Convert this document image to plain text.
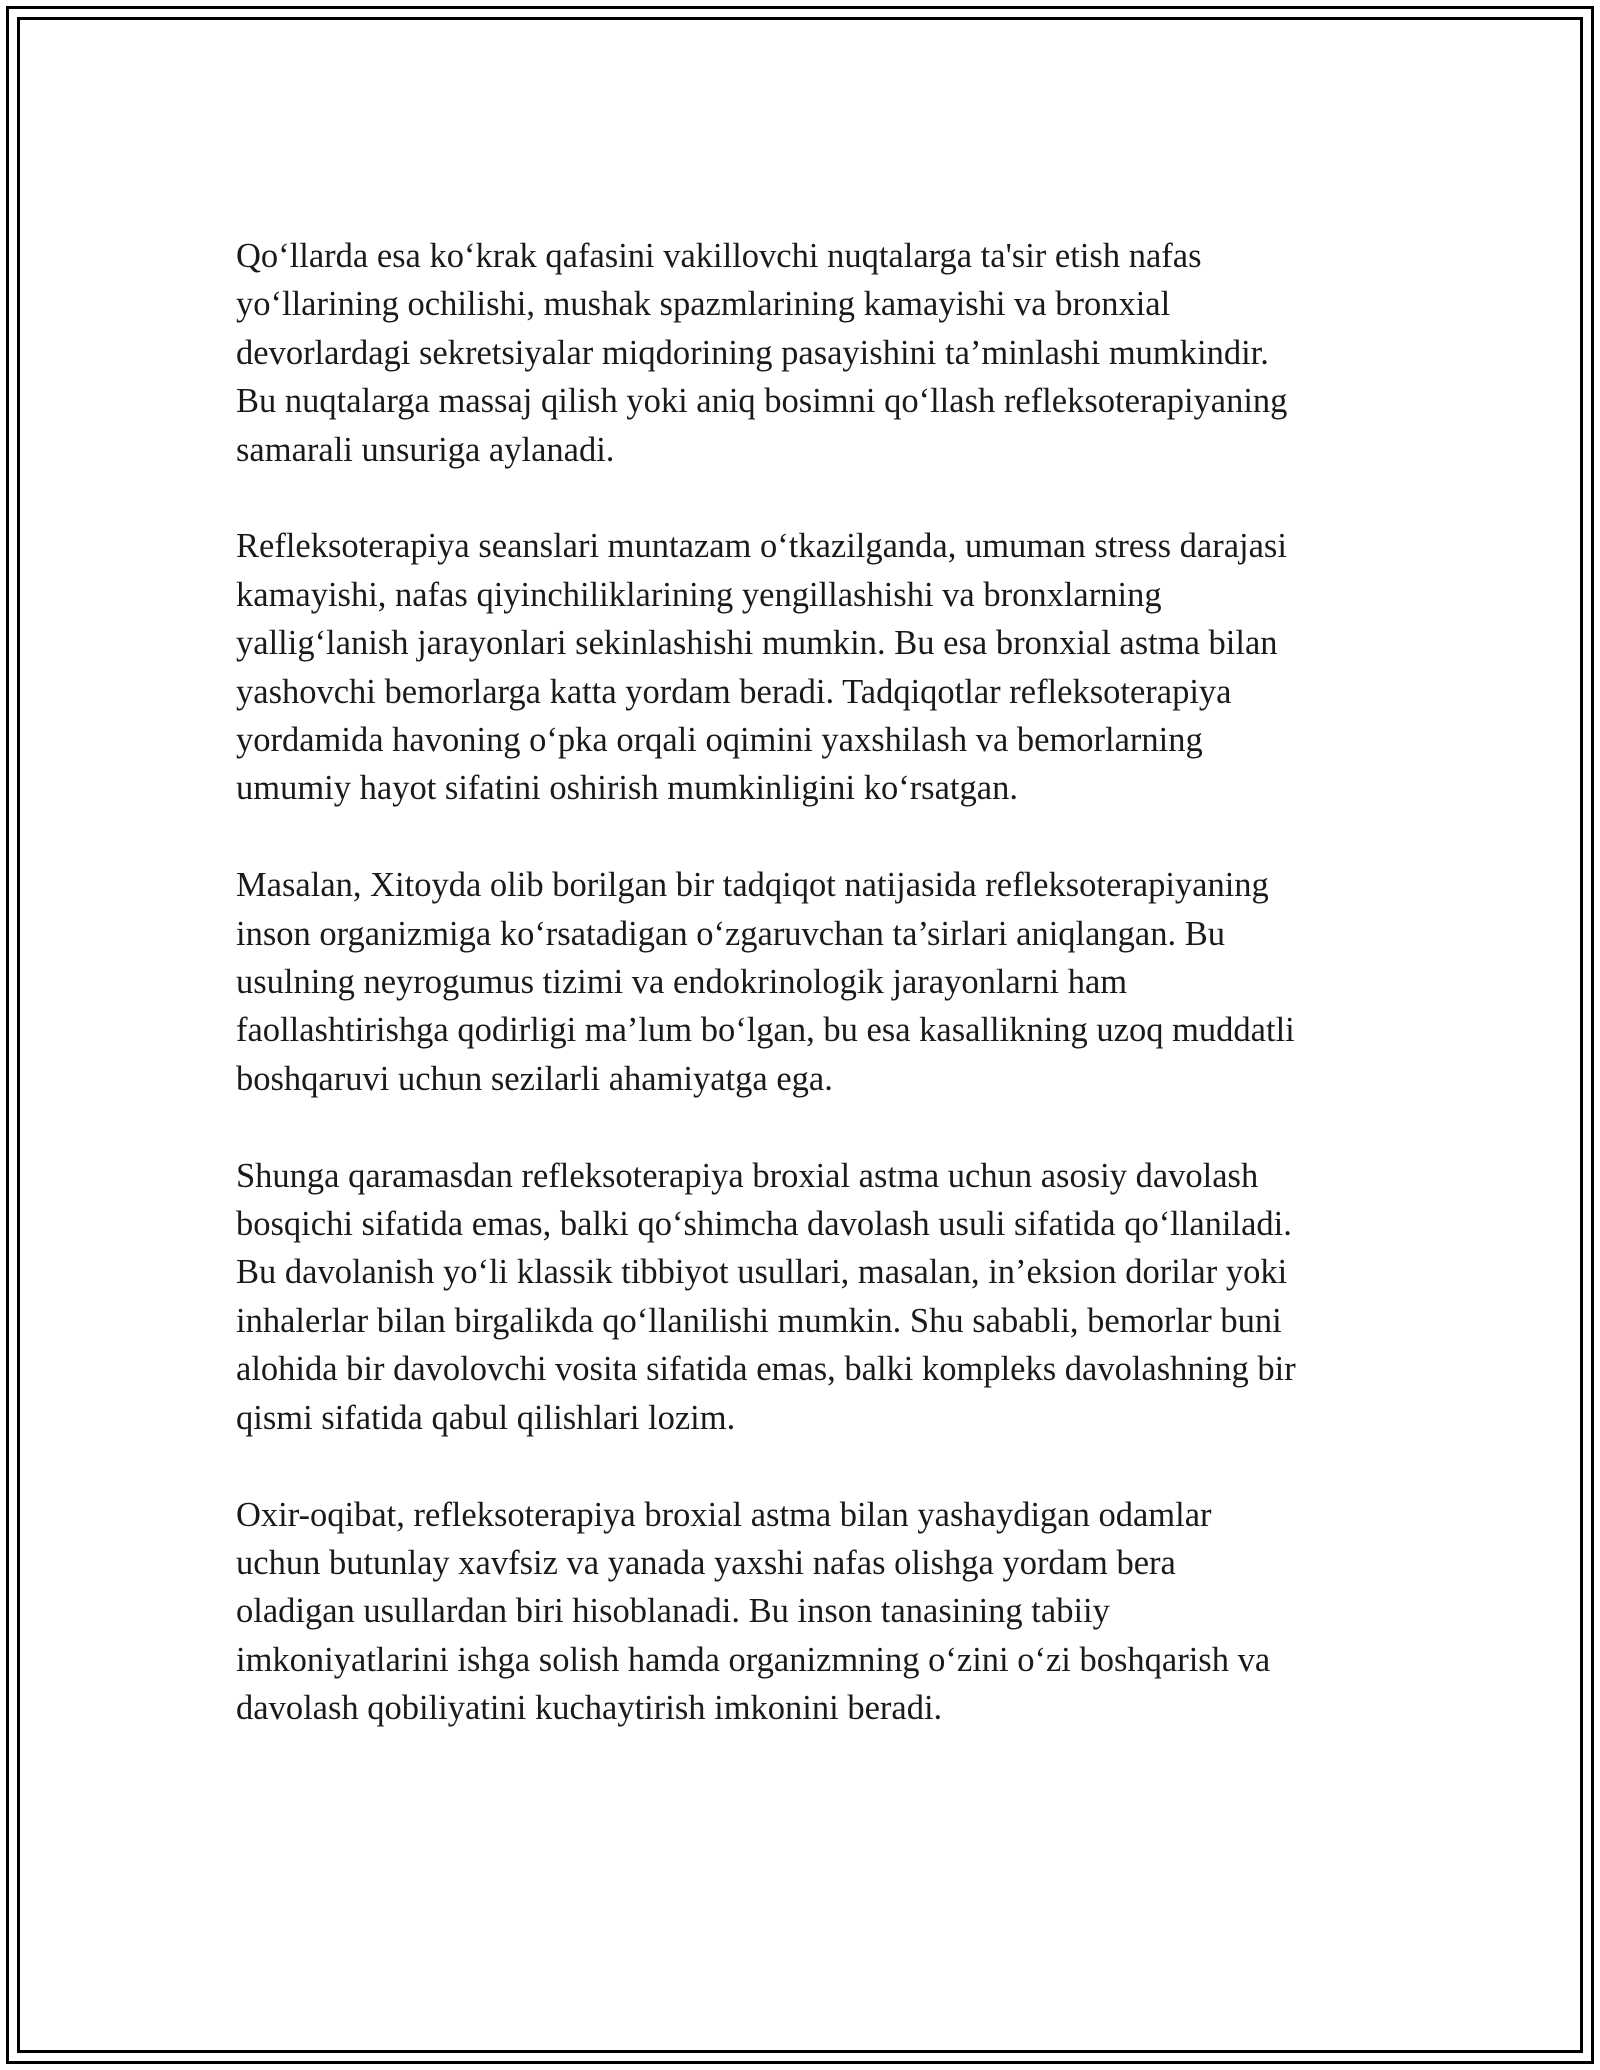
Qo‘llarda esa ko‘krak qafasini vakillovchi nuqtalarga ta'sir etish nafas
yo‘llarining ochilishi, mushak spazmlarining kamayishi va bronxial
devorlardagi sekretsiyalar miqdorining pasayishini ta’minlashi mumkindir.
Bu nuqtalarga massaj qilish yoki aniq bosimni qo‘llash refleksoterapiyaning
samarali unsuriga aylanadi.

Refleksoterapiya seanslari muntazam o‘tkazilganda, umuman stress darajasi
kamayishi, nafas qiyinchiliklarining yengillashishi va bronxlarning
yallig‘lanish jarayonlari sekinlashishi mumkin. Bu esa bronxial astma bilan
yashovchi bemorlarga katta yordam beradi. Tadqiqotlar refleksoterapiya
yordamida havoning o‘pka orqali oqimini yaxshilash va bemorlarning
umumiy hayot sifatini oshirish mumkinligini ko‘rsatgan.

Masalan, Xitoyda olib borilgan bir tadqiqot natijasida refleksoterapiyaning
inson organizmiga ko‘rsatadigan o‘zgaruvchan ta’sirlari aniqlangan. Bu
usulning neyrogumus tizimi va endokrinologik jarayonlarni ham
faollashtirishga qodirligi ma’lum bo‘lgan, bu esa kasallikning uzoq muddatli
boshqaruvi uchun sezilarli ahamiyatga ega.

Shunga qaramasdan refleksoterapiya broxial astma uchun asosiy davolash
bosqichi sifatida emas, balki qo‘shimcha davolash usuli sifatida qo‘llaniladi.
Bu davolanish yo‘li klassik tibbiyot usullari, masalan, in’eksion dorilar yoki
inhalerlar bilan birgalikda qo‘llanilishi mumkin. Shu sababli, bemorlar buni
alohida bir davolovchi vosita sifatida emas, balki kompleks davolashning bir
qismi sifatida qabul qilishlari lozim.

Oxir-oqibat, refleksoterapiya broxial astma bilan yashaydigan odamlar
uchun butunlay xavfsiz va yanada yaxshi nafas olishga yordam bera
oladigan usullardan biri hisoblanadi. Bu inson tanasining tabiiy
imkoniyatlarini ishga solish hamda organizmning o‘zini o‘zi boshqarish va
davolash qobiliyatini kuchaytirish imkonini beradi.
